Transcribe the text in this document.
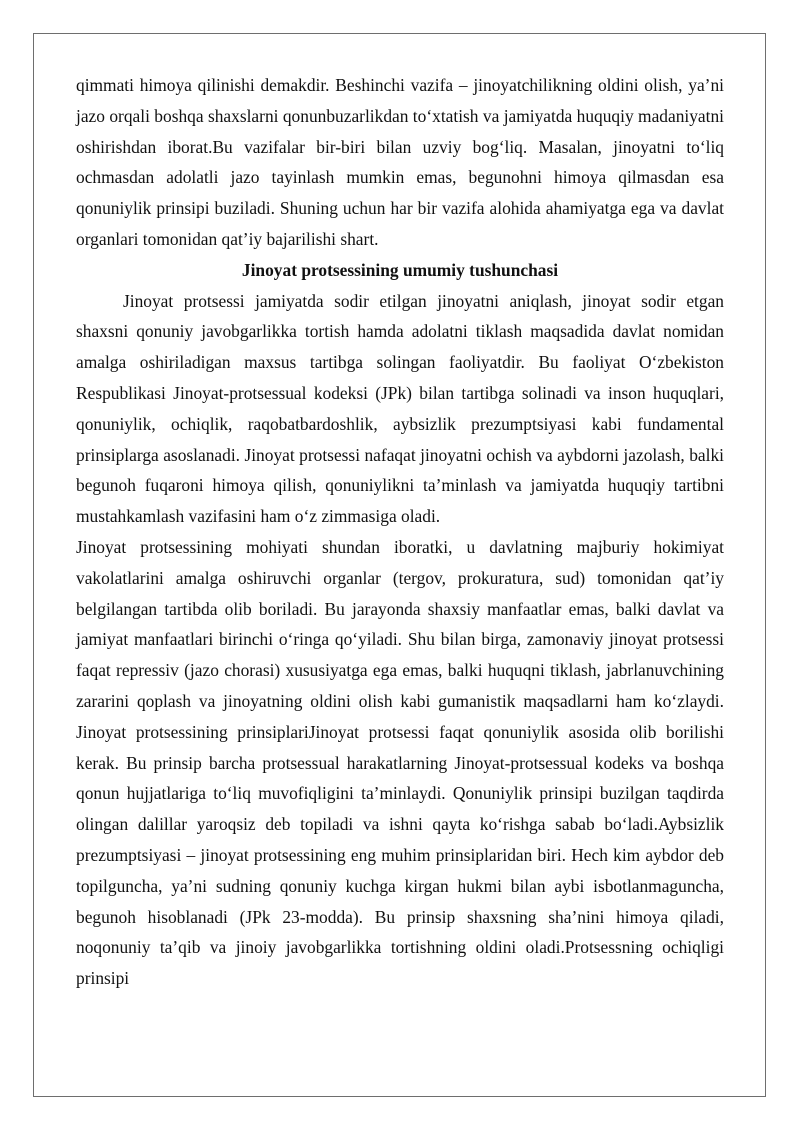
qimmati himoya qilinishi demakdir. Beshinchi vazifa – jinoyatchilikning oldini olish, ya’ni jazo orqali boshqa shaxslarni qonunbuzarlikdan to‘xtatish va jamiyatda huquqiy madaniyatni oshirishdan iborat.Bu vazifalar bir-biri bilan uzviy bog‘liq. Masalan, jinoyatni to‘liq ochmasdan adolatli jazo tayinlash mumkin emas, begunohni himoya qilmasdan esa qonuniylik prinsipi buziladi. Shuning uchun har bir vazifa alohida ahamiyatga ega va davlat organlari tomonidan qat’iy bajarilishi shart.

Jinoyat protsessining umumiy tushunchasi

Jinoyat protsessi jamiyatda sodir etilgan jinoyatni aniqlash, jinoyat sodir etgan shaxsni qonuniy javobgarlikka tortish hamda adolatni tiklash maqsadida davlat nomidan amalga oshiriladigan maxsus tartibga solingan faoliyatdir. Bu faoliyat O‘zbekiston Respublikasi Jinoyat-protsessual kodeksi (JPk) bilan tartibga solinadi va inson huquqlari, qonuniylik, ochiqlik, raqobatbardoshlik, aybsizlik prezumptsiyasi kabi fundamental prinsiplarga asoslanadi. Jinoyat protsessi nafaqat jinoyatni ochish va aybdorni jazolash, balki begunoh fuqaroni himoya qilish, qonuniylikni ta’minlash va jamiyatda huquqiy tartibni mustahkamlash vazifasini ham o‘z zimmasiga oladi.

Jinoyat protsessining mohiyati shundan iboratki, u davlatning majburiy hokimiyat vakolatlarini amalga oshiruvchi organlar (tergov, prokuratura, sud) tomonidan qat’iy belgilangan tartibda olib boriladi. Bu jarayonda shaxsiy manfaatlar emas, balki davlat va jamiyat manfaatlari birinchi o‘ringa qo‘yiladi. Shu bilan birga, zamonaviy jinoyat protsessi faqat repressiv (jazo chorasi) xususiyatga ega emas, balki huquqni tiklash, jabrlanuvchining zararini qoplash va jinoyatning oldini olish kabi gumanistik maqsadlarni ham ko‘zlaydi. Jinoyat protsessining prinsiplariJinoyat protsessi faqat qonuniylik asosida olib borilishi kerak. Bu prinsip barcha protsessual harakatlarning Jinoyat-protsessual kodeks va boshqa qonun hujjatlariga to‘liq muvofiqligini ta’minlaydi. Qonuniylik prinsipi buzilgan taqdirda olingan dalillar yaroqsiz deb topiladi va ishni qayta ko‘rishga sabab bo‘ladi.Aybsizlik prezumptsiyasi – jinoyat protsessining eng muhim prinsiplaridan biri. Hech kim aybdor deb topilguncha, ya’ni sudning qonuniy kuchga kirgan hukmi bilan aybi isbotlanmaguncha, begunoh hisoblanadi (JPk 23-modda). Bu prinsip shaxsning sha’nini himoya qiladi, noqonuniy ta’qib va jinoiy javobgarlikka tortishning oldini oladi.Protsessning ochiqligi prinsipi
